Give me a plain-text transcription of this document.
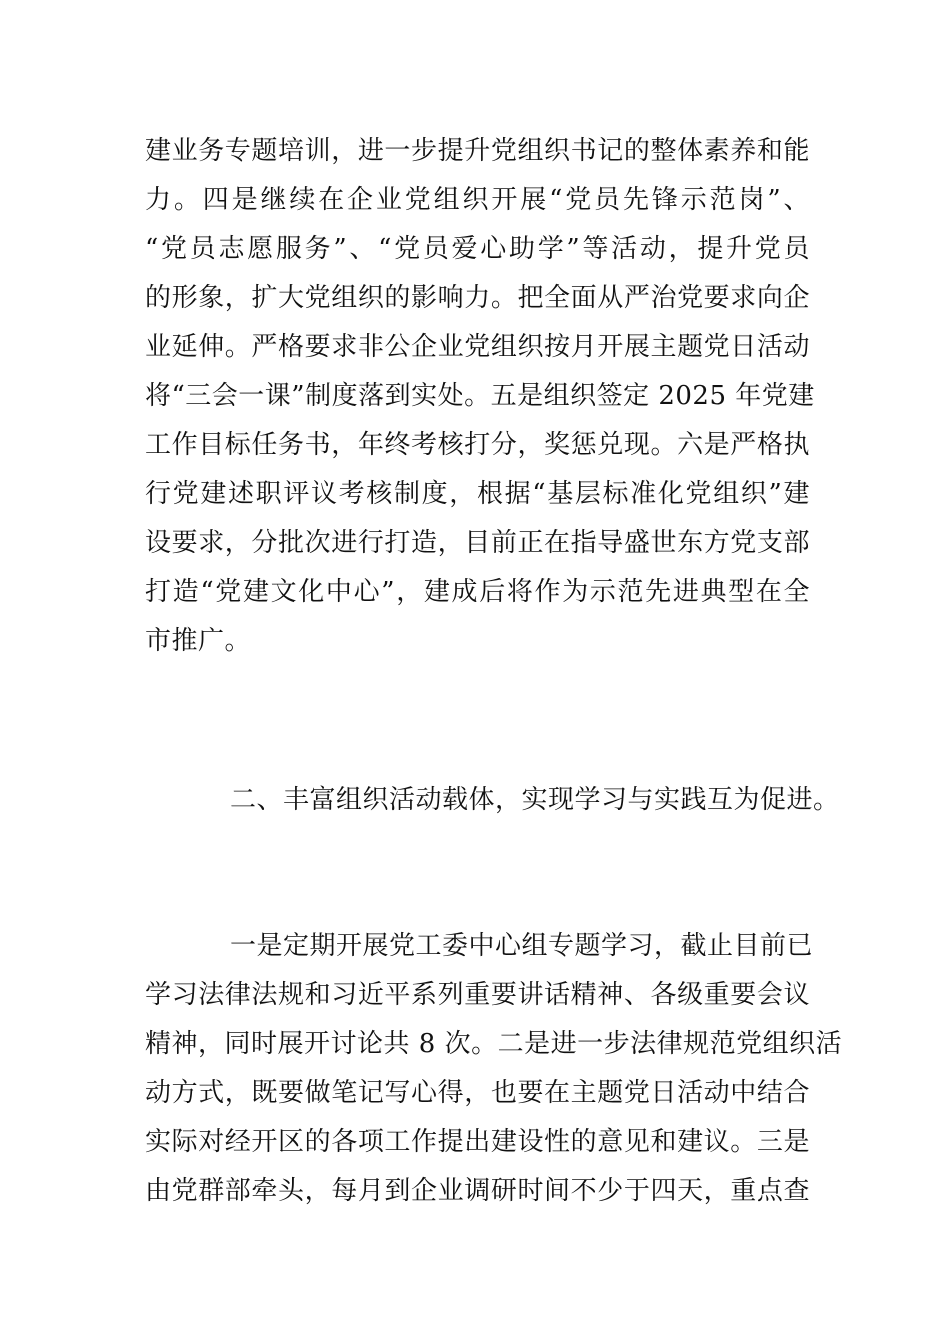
建业务专题培训，进一步提升党组织书记的整体素养和能
力。四是继续在企业党组织开展“党员先锋示范岗”、
“党员志愿服务”、“党员爱心助学”等活动，提升党员
的形象，扩大党组织的影响力。把全面从严治党要求向企
业延伸。严格要求非公企业党组织按月开展主题党日活动
将“三会一课”制度落到实处。五是组织签定 2025 年党建
工作目标任务书，年终考核打分，奖惩兑现。六是严格执
行党建述职评议考核制度，根据“基层标准化党组织”建
设要求，分批次进行打造，目前正在指导盛世东方党支部
打造“党建文化中心”，建成后将作为示范先进典型在全
市推广。
二、丰富组织活动载体，实现学习与实践互为促进。
一是定期开展党工委中心组专题学习，截止目前已
学习法律法规和习近平系列重要讲话精神、各级重要会议
精神，同时展开讨论共 8 次。二是进一步法律规范党组织活
动方式，既要做笔记写心得，也要在主题党日活动中结合
实际对经开区的各项工作提出建设性的意见和建议。三是
由党群部牵头，每月到企业调研时间不少于四天，重点查
